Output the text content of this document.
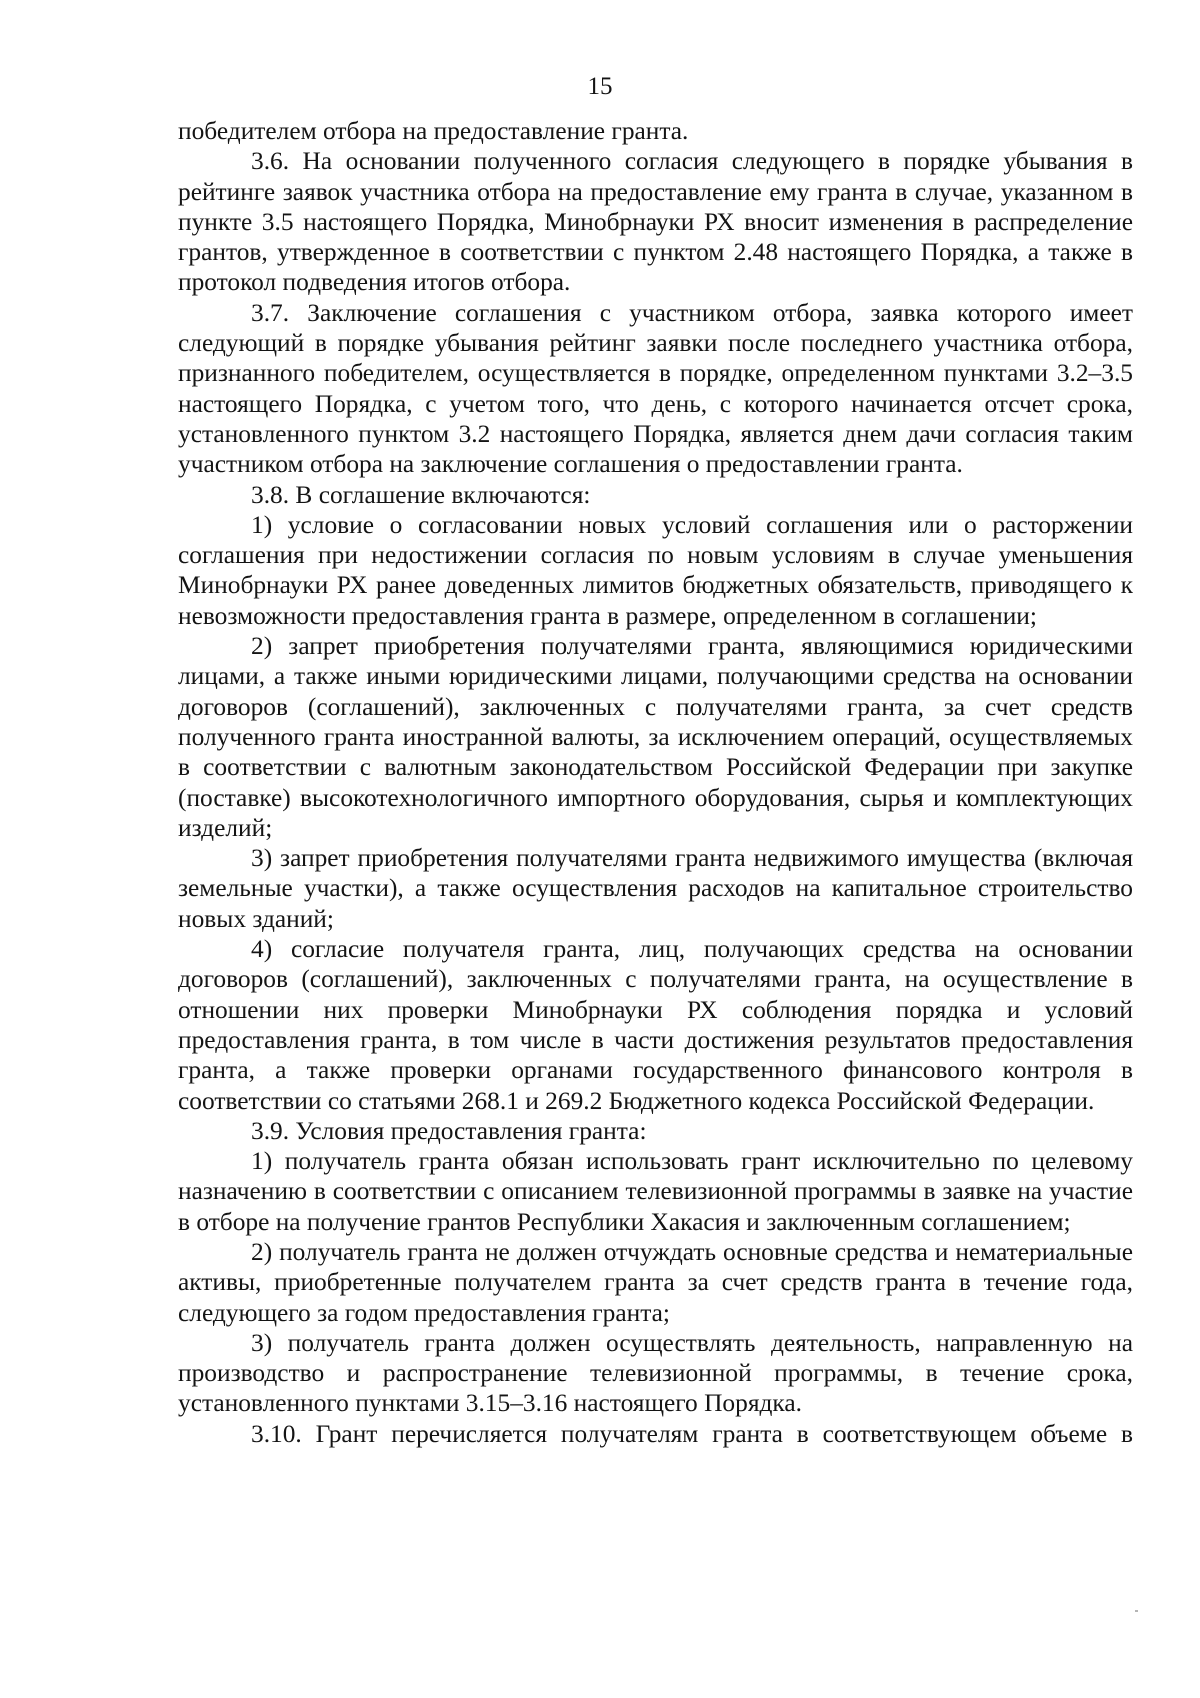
15

победителем отбора на предоставление гранта.

3.6. На основании полученного согласия следующего в порядке убывания в рейтинге заявок участника отбора на предоставление ему гранта в случае, указанном в пункте 3.5 настоящего Порядка, Минобрнауки РХ вносит изменения в распределение грантов, утвержденное в соответствии с пунктом 2.48 настоящего Порядка, а также в протокол подведения итогов отбора.

3.7. Заключение соглашения с участником отбора, заявка которого имеет следующий в порядке убывания рейтинг заявки после последнего участника отбора, признанного победителем, осуществляется в порядке, определенном пунктами 3.2–3.5 настоящего Порядка, с учетом того, что день, с которого начинается отсчет срока, установленного пунктом 3.2 настоящего Порядка, является днем дачи согласия таким участником отбора на заключение соглашения о предоставлении гранта.

3.8. В соглашение включаются:

1) условие о согласовании новых условий соглашения или о расторжении соглашения при недостижении согласия по новым условиям в случае уменьшения Минобрнауки РХ ранее доведенных лимитов бюджетных обязательств, приводящего к невозможности предоставления гранта в размере, определенном в соглашении;

2) запрет приобретения получателями гранта, являющимися юридическими лицами, а также иными юридическими лицами, получающими средства на основании договоров (соглашений), заключенных с получателями гранта, за счет средств полученного гранта иностранной валюты, за исключением операций, осуществляемых в соответствии с валютным законодательством Российской Федерации при закупке (поставке) высокотехнологичного импортного оборудования, сырья и комплектующих изделий;

3) запрет приобретения получателями гранта недвижимого имущества (включая земельные участки), а также осуществления расходов на капитальное строительство новых зданий;

4) согласие получателя гранта, лиц, получающих средства на основании договоров (соглашений), заключенных с получателями гранта, на осуществление в отношении них проверки Минобрнауки РХ соблюдения порядка и условий предоставления гранта, в том числе в части достижения результатов предоставления гранта, а также проверки органами государственного финансового контроля в соответствии со статьями 268.1 и 269.2 Бюджетного кодекса Российской Федерации.

3.9. Условия предоставления гранта:

1) получатель гранта обязан использовать грант исключительно по целевому назначению в соответствии с описанием телевизионной программы в заявке на участие в отборе на получение грантов Республики Хакасия и заключенным соглашением;

2) получатель гранта не должен отчуждать основные средства и нематериальные активы, приобретенные получателем гранта за счет средств гранта в течение года, следующего за годом предоставления гранта;

3) получатель гранта должен осуществлять деятельность, направленную на производство и распространение телевизионной программы, в течение срока, установленного пунктами 3.15–3.16 настоящего Порядка.

3.10. Грант перечисляется получателям гранта в соответствующем объеме в
